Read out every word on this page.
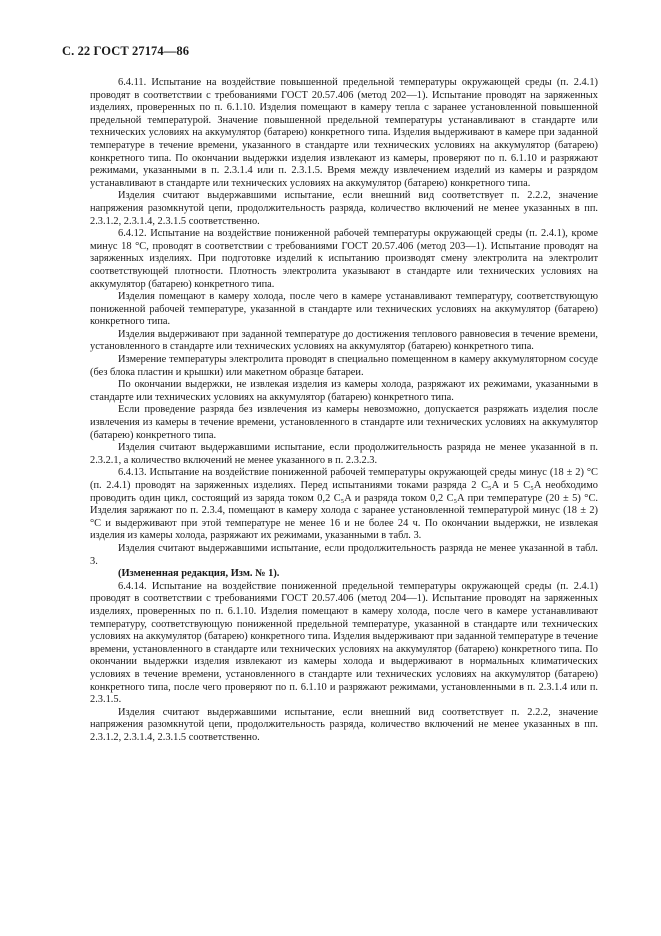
С. 22 ГОСТ 27174—86

6.4.11. Испытание на воздействие повышенной предельной температуры окружающей среды (п. 2.4.1) проводят в соответствии с требованиями ГОСТ 20.57.406 (метод 202—1). Испытание проводят на заряженных изделиях, проверенных по п. 6.1.10. Изделия помещают в камеру тепла с заранее установленной повышенной предельной температурой. Значение повышенной предельной температуры устанавливают в стандарте или технических условиях на аккумулятор (батарею) конкретного типа. Изделия выдерживают в камере при заданной температуре в течение времени, указанного в стандарте или технических условиях на аккумулятор (батарею) конкретного типа. По окончании выдержки изделия извлекают из камеры, проверяют по п. 6.1.10 и разряжают режимами, указанными в п. 2.3.1.4 или п. 2.3.1.5. Время между извлечением изделий из камеры и разрядом устанавливают в стандарте или технических условиях на аккумулятор (батарею) конкретного типа.

Изделия считают выдержавшими испытание, если внешний вид соответствует п. 2.2.2, значение напряжения разомкнутой цепи, продолжительность разряда, количество включений не менее указанных в пп. 2.3.1.2, 2.3.1.4, 2.3.1.5 соответственно.

6.4.12. Испытание на воздействие пониженной рабочей температуры окружающей среды (п. 2.4.1), кроме минус 18 °С, проводят в соответствии с требованиями ГОСТ 20.57.406 (метод 203—1). Испытание проводят на заряженных изделиях. При подготовке изделий к испытанию производят смену электролита на электролит соответствующей плотности. Плотность электролита указывают в стандарте или технических условиях на аккумулятор (батарею) конкретного типа.

Изделия помещают в камеру холода, после чего в камере устанавливают температуру, соответствующую пониженной рабочей температуре, указанной в стандарте или технических условиях на аккумулятор (батарею) конкретного типа.

Изделия выдерживают при заданной температуре до достижения теплового равновесия в течение времени, установленного в стандарте или технических условиях на аккумулятор (батарею) конкретного типа.

Измерение температуры электролита проводят в специально помещенном в камеру аккумуляторном сосуде (без блока пластин и крышки) или макетном образце батареи.

По окончании выдержки, не извлекая изделия из камеры холода, разряжают их режимами, указанными в стандарте или технических условиях на аккумулятор (батарею) конкретного типа.

Если проведение разряда без извлечения из камеры невозможно, допускается разряжать изделия после извлечения из камеры в течение времени, установленного в стандарте или технических условиях на аккумулятор (батарею) конкретного типа.

Изделия считают выдержавшими испытание, если продолжительность разряда не менее указанной в п. 2.3.2.1, а количество включений не менее указанного в п. 2.3.2.3.

6.4.13. Испытание на воздействие пониженной рабочей температуры окружающей среды минус (18 ± 2) °С (п. 2.4.1) проводят на заряженных изделиях. Перед испытаниями токами разряда 2 C₅A и 5 C₅A необходимо проводить один цикл, состоящий из заряда током 0,2 C₅A и разряда током 0,2 C₅A при температуре (20 ± 5) °С. Изделия заряжают по п. 2.3.4, помещают в камеру холода с заранее установленной температурой минус (18 ± 2) °С и выдерживают при этой температуре не менее 16 и не более 24 ч. По окончании выдержки, не извлекая изделия из камеры холода, разряжают их режимами, указанными в табл. 3.

Изделия считают выдержавшими испытание, если продолжительность разряда не менее указанной в табл. 3.

(Измененная редакция, Изм. № 1).

6.4.14. Испытание на воздействие пониженной предельной температуры окружающей среды (п. 2.4.1) проводят в соответствии с требованиями ГОСТ 20.57.406 (метод 204—1). Испытание проводят на заряженных изделиях, проверенных по п. 6.1.10. Изделия помещают в камеру холода, после чего в камере устанавливают температуру, соответствующую пониженной предельной температуре, указанной в стандарте или технических условиях на аккумулятор (батарею) конкретного типа. Изделия выдерживают при заданной температуре в течение времени, установленного в стандарте или технических условиях на аккумулятор (батарею) конкретного типа. По окончании выдержки изделия извлекают из камеры холода и выдерживают в нормальных климатических условиях в течение времени, установленного в стандарте или технических условиях на аккумулятор (батарею) конкретного типа, после чего проверяют по п. 6.1.10 и разряжают режимами, установленными в п. 2.3.1.4 или п. 2.3.1.5.

Изделия считают выдержавшими испытание, если внешний вид соответствует п. 2.2.2, значение напряжения разомкнутой цепи, продолжительность разряда, количество включений не менее указанных в пп. 2.3.1.2, 2.3.1.4, 2.3.1.5 соответственно.
